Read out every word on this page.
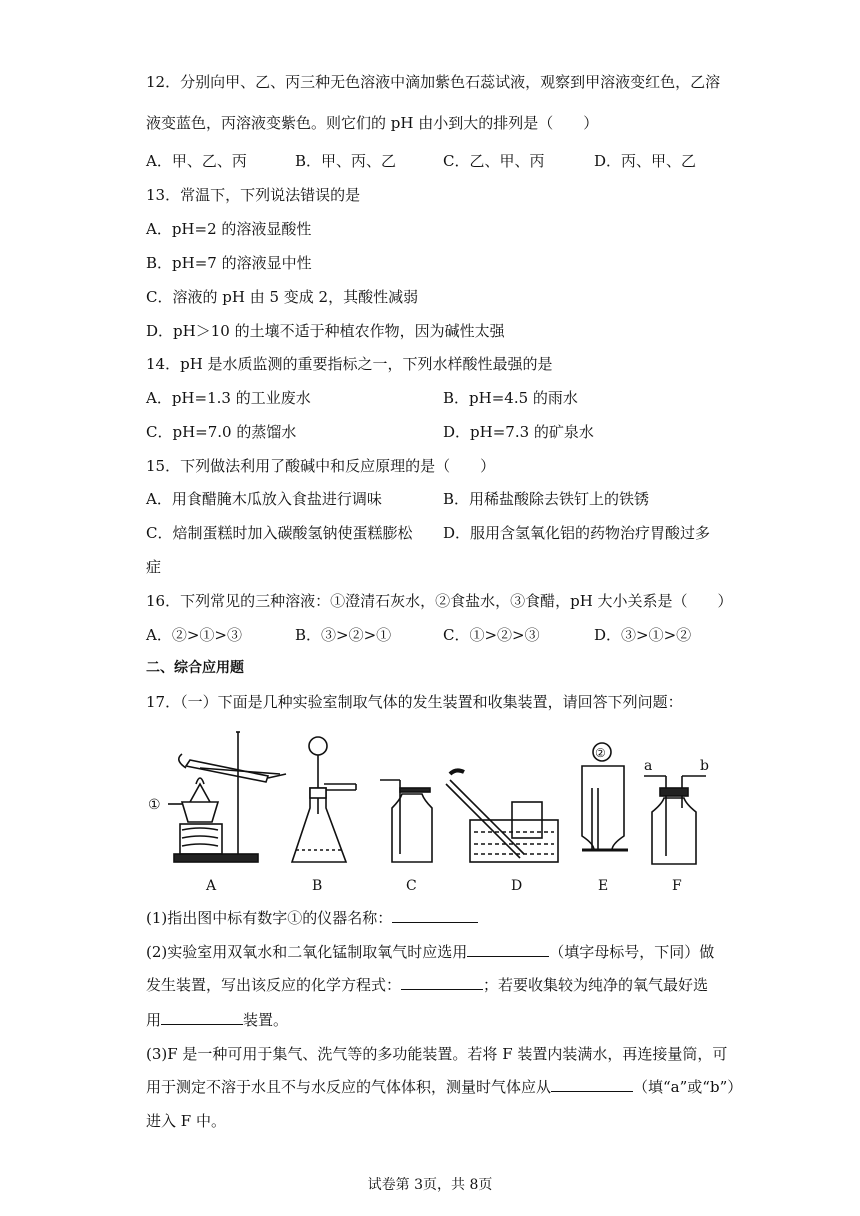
12．分别向甲、乙、丙三种无色溶液中滴加紫色石蕊试液，观察到甲溶液变红色，乙溶
液变蓝色，丙溶液变紫色。则它们的 pH 由小到大的排列是（　　）
A．甲、乙、丙	B．甲、丙、乙	C．乙、甲、丙	D．丙、甲、乙
13．常温下，下列说法错误的是
A．pH=2 的溶液显酸性
B．pH=7 的溶液显中性
C．溶液的 pH 由 5 变成 2，其酸性减弱
D．pH＞10 的土壤不适于种植农作物，因为碱性太强
14．pH 是水质监测的重要指标之一，下列水样酸性最强的是
A．pH=1.3 的工业废水	B．pH=4.5 的雨水
C．pH=7.0 的蒸馏水	D．pH=7.3 的矿泉水
15．下列做法利用了酸碱中和反应原理的是（　　）
A．用食醋腌木瓜放入食盐进行调味	B．用稀盐酸除去铁钉上的铁锈
C．焙制蛋糕时加入碳酸氢钠使蛋糕膨松 D．服用含氢氧化铝的药物治疗胃酸过多
症
16．下列常见的三种溶液：①澄清石灰水，②食盐水，③食醋，pH 大小关系是（　　）
A．②>①>③	B．③>②>①	C．①>②>③	D．③>①>②
二、综合应用题
17．（一）下面是几种实验室制取气体的发生装置和收集装置，请回答下列问题：
A	B	C	D	E	F
①
②
a	b
(1)指出图中标有数字①的仪器名称：
(2)实验室用双氧水和二氧化锰制取氧气时应选用	（填字母标号，下同）做
发生装置，写出该反应的化学方程式：	；若要收集较为纯净的氧气最好选
用	装置。
(3)F 是一种可用于集气、洗气等的多功能装置。若将 F 装置内装满水，再连接量筒，可
用于测定不溶于水且不与水反应的气体体积，测量时气体应从	（填“a”或“b”）
进入 F 中。
试卷第 3页，共 8页
